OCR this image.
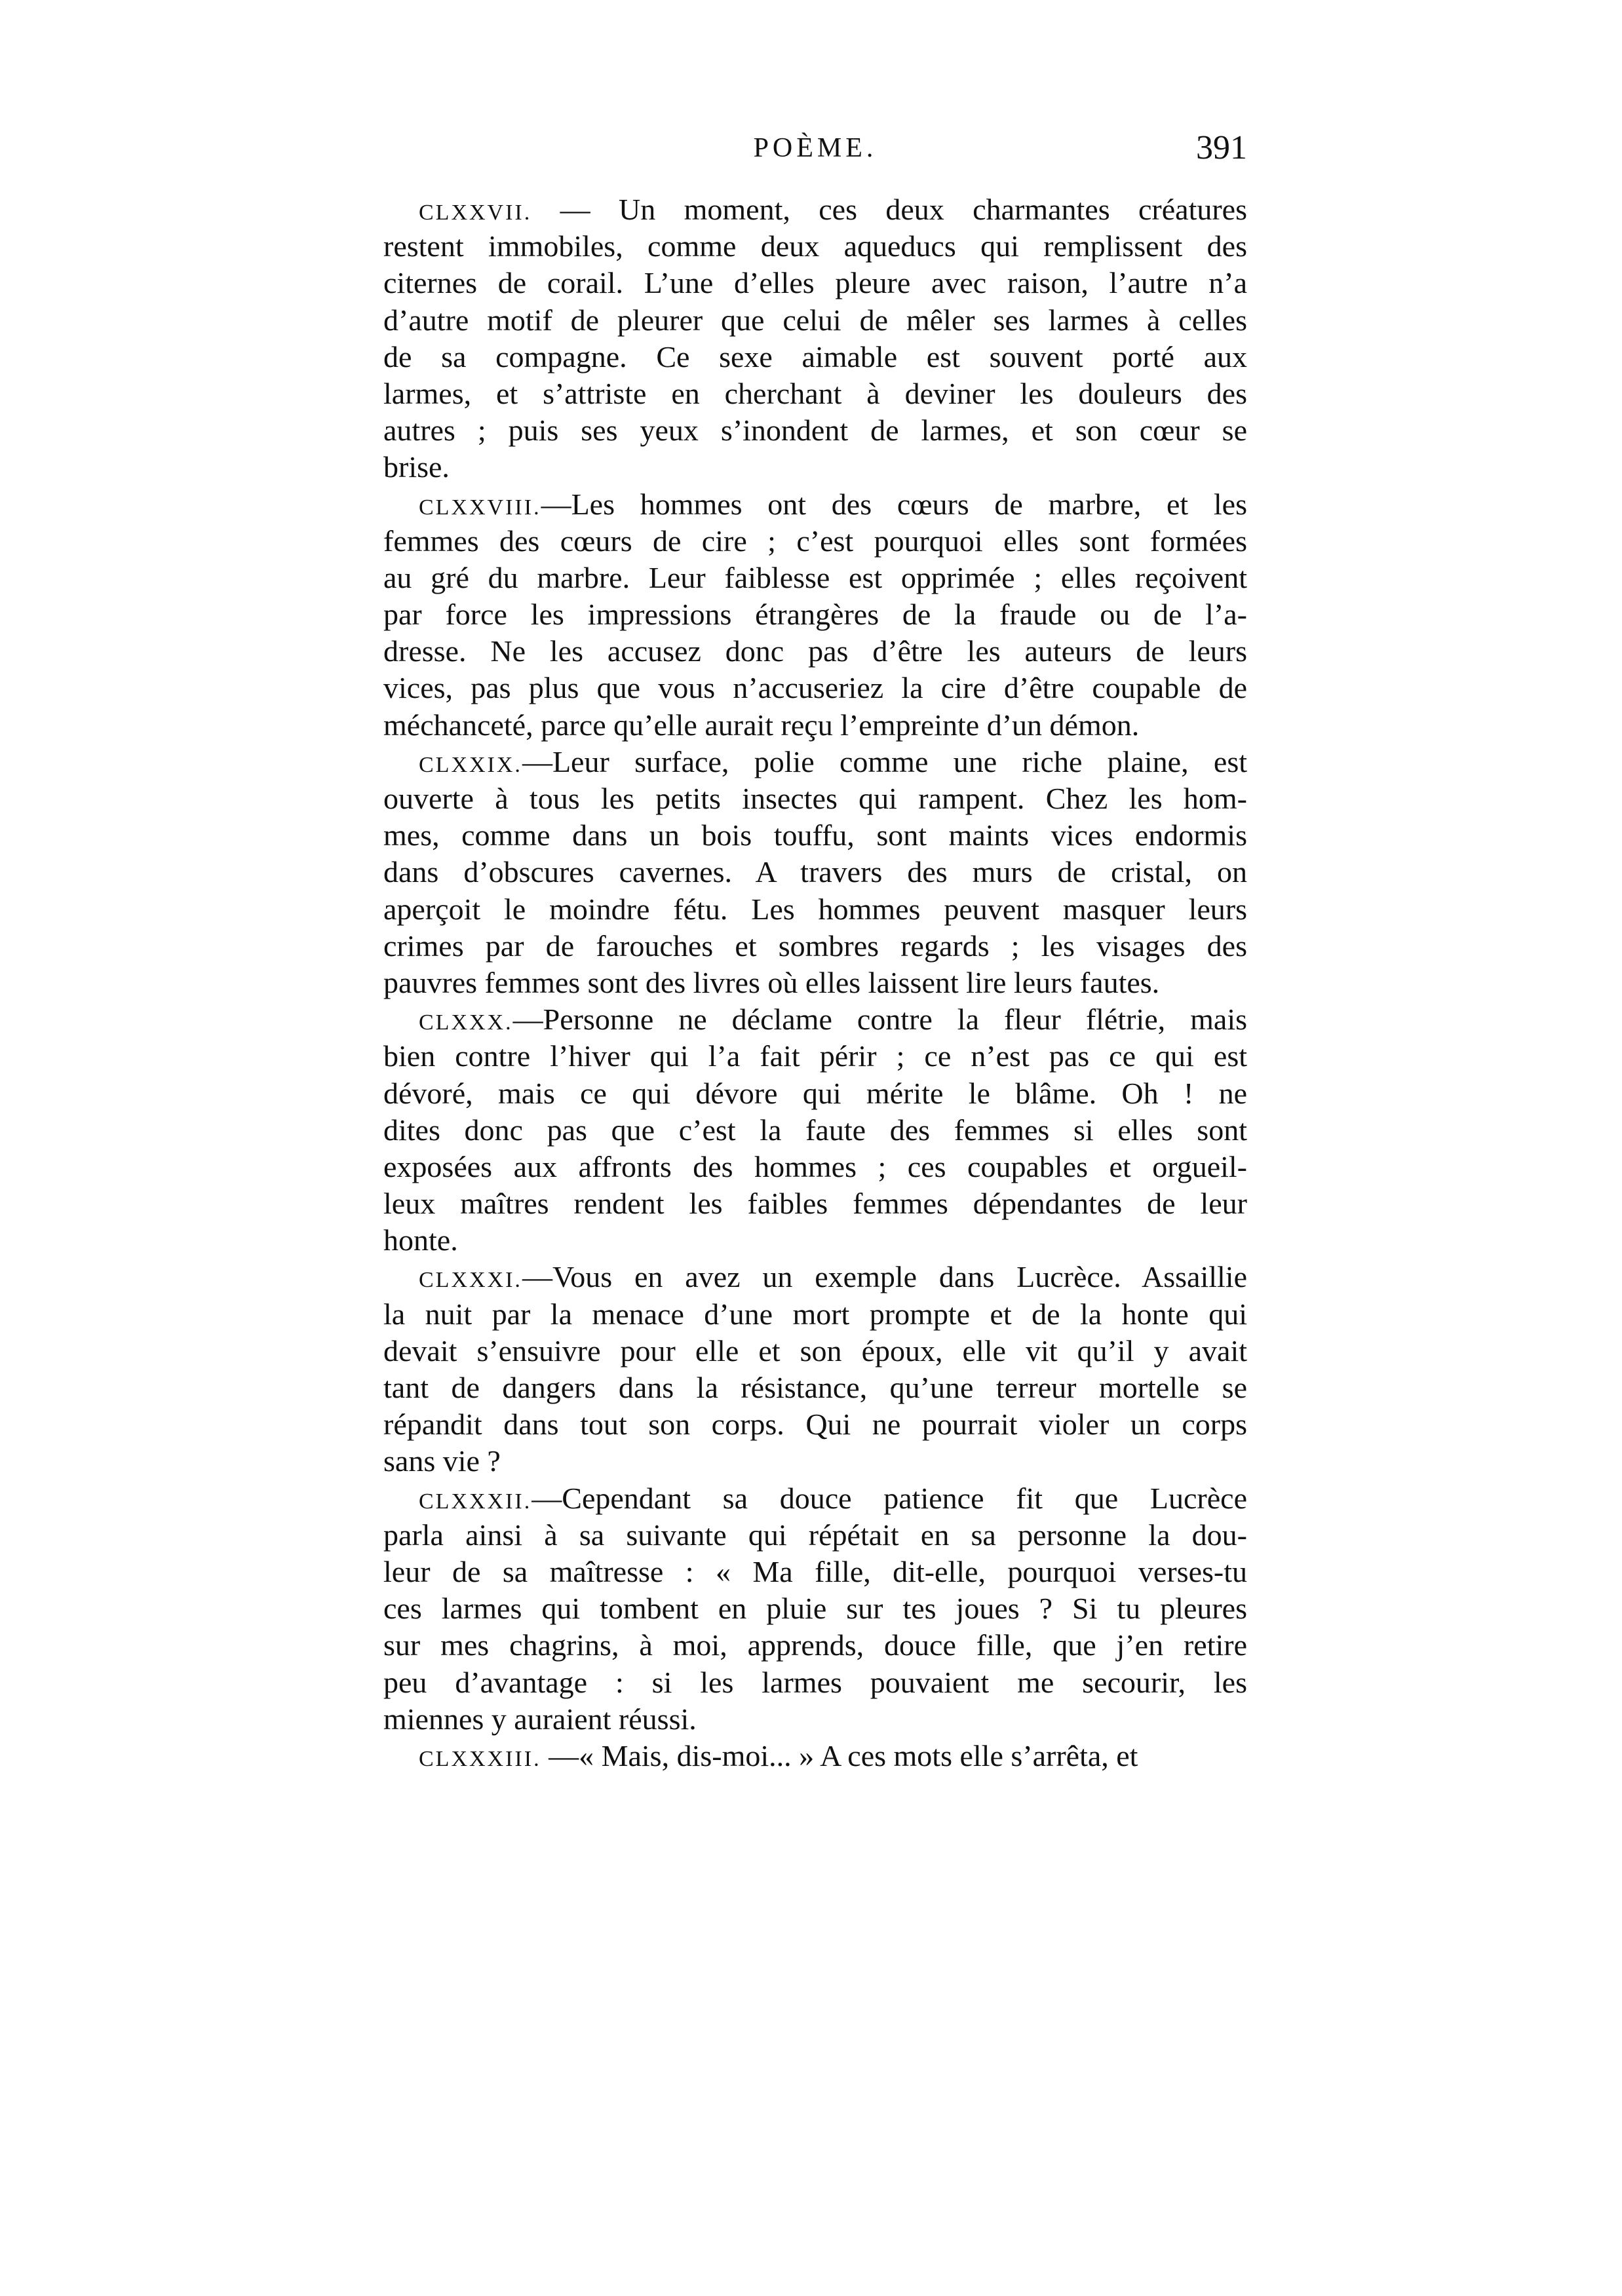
POÈME.	391
CLXXVII. — Un moment, ces deux charmantes créatures
restent immobiles, comme deux aqueducs qui remplissent des
citernes de corail. L’une d’elles pleure avec raison, l’autre n’a
d’autre motif de pleurer que celui de mêler ses larmes à celles
de sa compagne. Ce sexe aimable est souvent porté aux
larmes, et s’attriste en cherchant à deviner les douleurs des
autres ; puis ses yeux s’inondent de larmes, et son cœur se
brise.
CLXXVIII.—Les hommes ont des cœurs de marbre, et les
femmes des cœurs de cire ; c’est pourquoi elles sont formées
au gré du marbre. Leur faiblesse est opprimée ; elles reçoivent
par force les impressions étrangères de la fraude ou de l’a-
dresse. Ne les accusez donc pas d’être les auteurs de leurs
vices, pas plus que vous n’accuseriez la cire d’être coupable de
méchanceté, parce qu’elle aurait reçu l’empreinte d’un démon.
CLXXIX.—Leur surface, polie comme une riche plaine, est
ouverte à tous les petits insectes qui rampent. Chez les hom-
mes, comme dans un bois touffu, sont maints vices endormis
dans d’obscures cavernes. A travers des murs de cristal, on
aperçoit le moindre fétu. Les hommes peuvent masquer leurs
crimes par de farouches et sombres regards ; les visages des
pauvres femmes sont des livres où elles laissent lire leurs fautes.
CLXXX.—Personne ne déclame contre la fleur flétrie, mais
bien contre l’hiver qui l’a fait périr ; ce n’est pas ce qui est
dévoré, mais ce qui dévore qui mérite le blâme. Oh ! ne
dites donc pas que c’est la faute des femmes si elles sont
exposées aux affronts des hommes ; ces coupables et orgueil-
leux maîtres rendent les faibles femmes dépendantes de leur
honte.
CLXXXI.—Vous en avez un exemple dans Lucrèce. Assaillie
la nuit par la menace d’une mort prompte et de la honte qui
devait s’ensuivre pour elle et son époux, elle vit qu’il y avait
tant de dangers dans la résistance, qu’une terreur mortelle se
répandit dans tout son corps. Qui ne pourrait violer un corps
sans vie ?
CLXXXII.—Cependant sa douce patience fit que Lucrèce
parla ainsi à sa suivante qui répétait en sa personne la dou-
leur de sa maîtresse : « Ma fille, dit-elle, pourquoi verses-tu
ces larmes qui tombent en pluie sur tes joues ? Si tu pleures
sur mes chagrins, à moi, apprends, douce fille, que j’en retire
peu d’avantage : si les larmes pouvaient me secourir, les
miennes y auraient réussi.
CLXXXIII. —« Mais, dis-moi... » A ces mots elle s’arrêta, et
